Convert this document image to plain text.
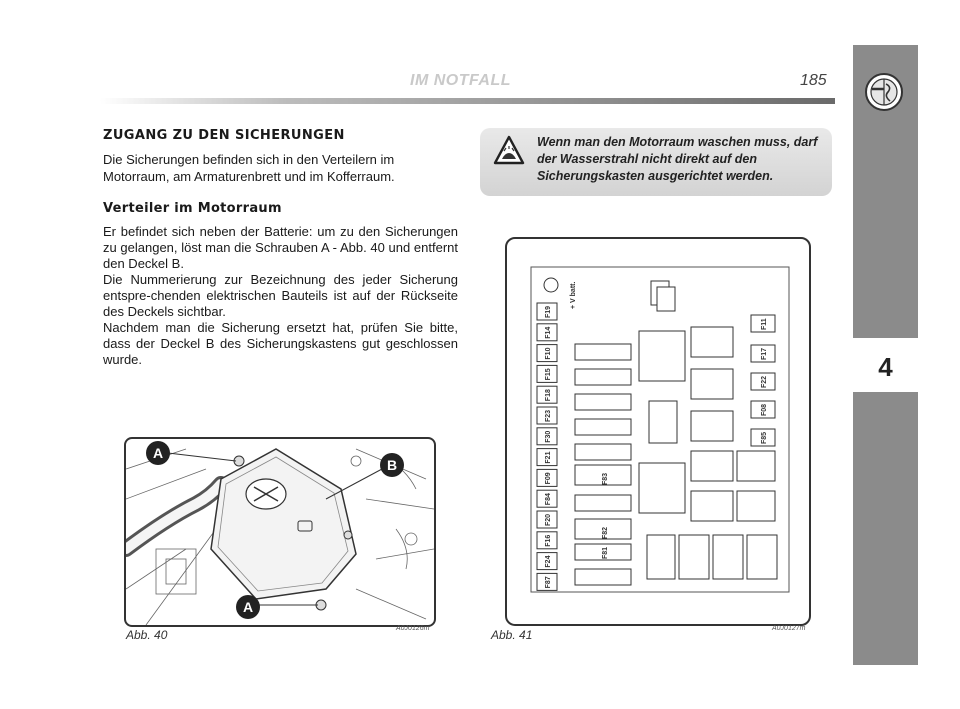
IM NOTFALL	185
4
ZUGANG ZU DEN SICHERUNGEN
Die Sicherungen befinden sich in den Verteilern im Motorraum, am Armaturenbrett und im Kofferraum.
Verteiler im Motorraum
Er befindet sich neben der Batterie: um zu den Sicherungen zu gelangen, löst man die Schrauben A - Abb. 40 und entfernt den Deckel B.
Die Nummerierung zur Bezeichnung des jeder Sicherung entspre-chenden elektrischen Bauteils ist auf der Rückseite des Deckels sichtbar.
Nachdem man die Sicherung ersetzt hat, prüfen Sie bitte, dass der Deckel B des Sicherungskastens gut geschlossen wurde.
Wenn man den Motorraum waschen muss, darf der Wasserstrahl nicht direkt auf den Sicherungskasten ausgerichtet werden.
A
A
B
Abb. 40	A0J0126m
+ V batt.
F19
F14
F10
F15
F18
F23
F30
F21
F09
F84
F20
F16
F24
F87
F83
F82
F81
F11
F17
F22
F08
F85
Abb. 41	A0J0127m
